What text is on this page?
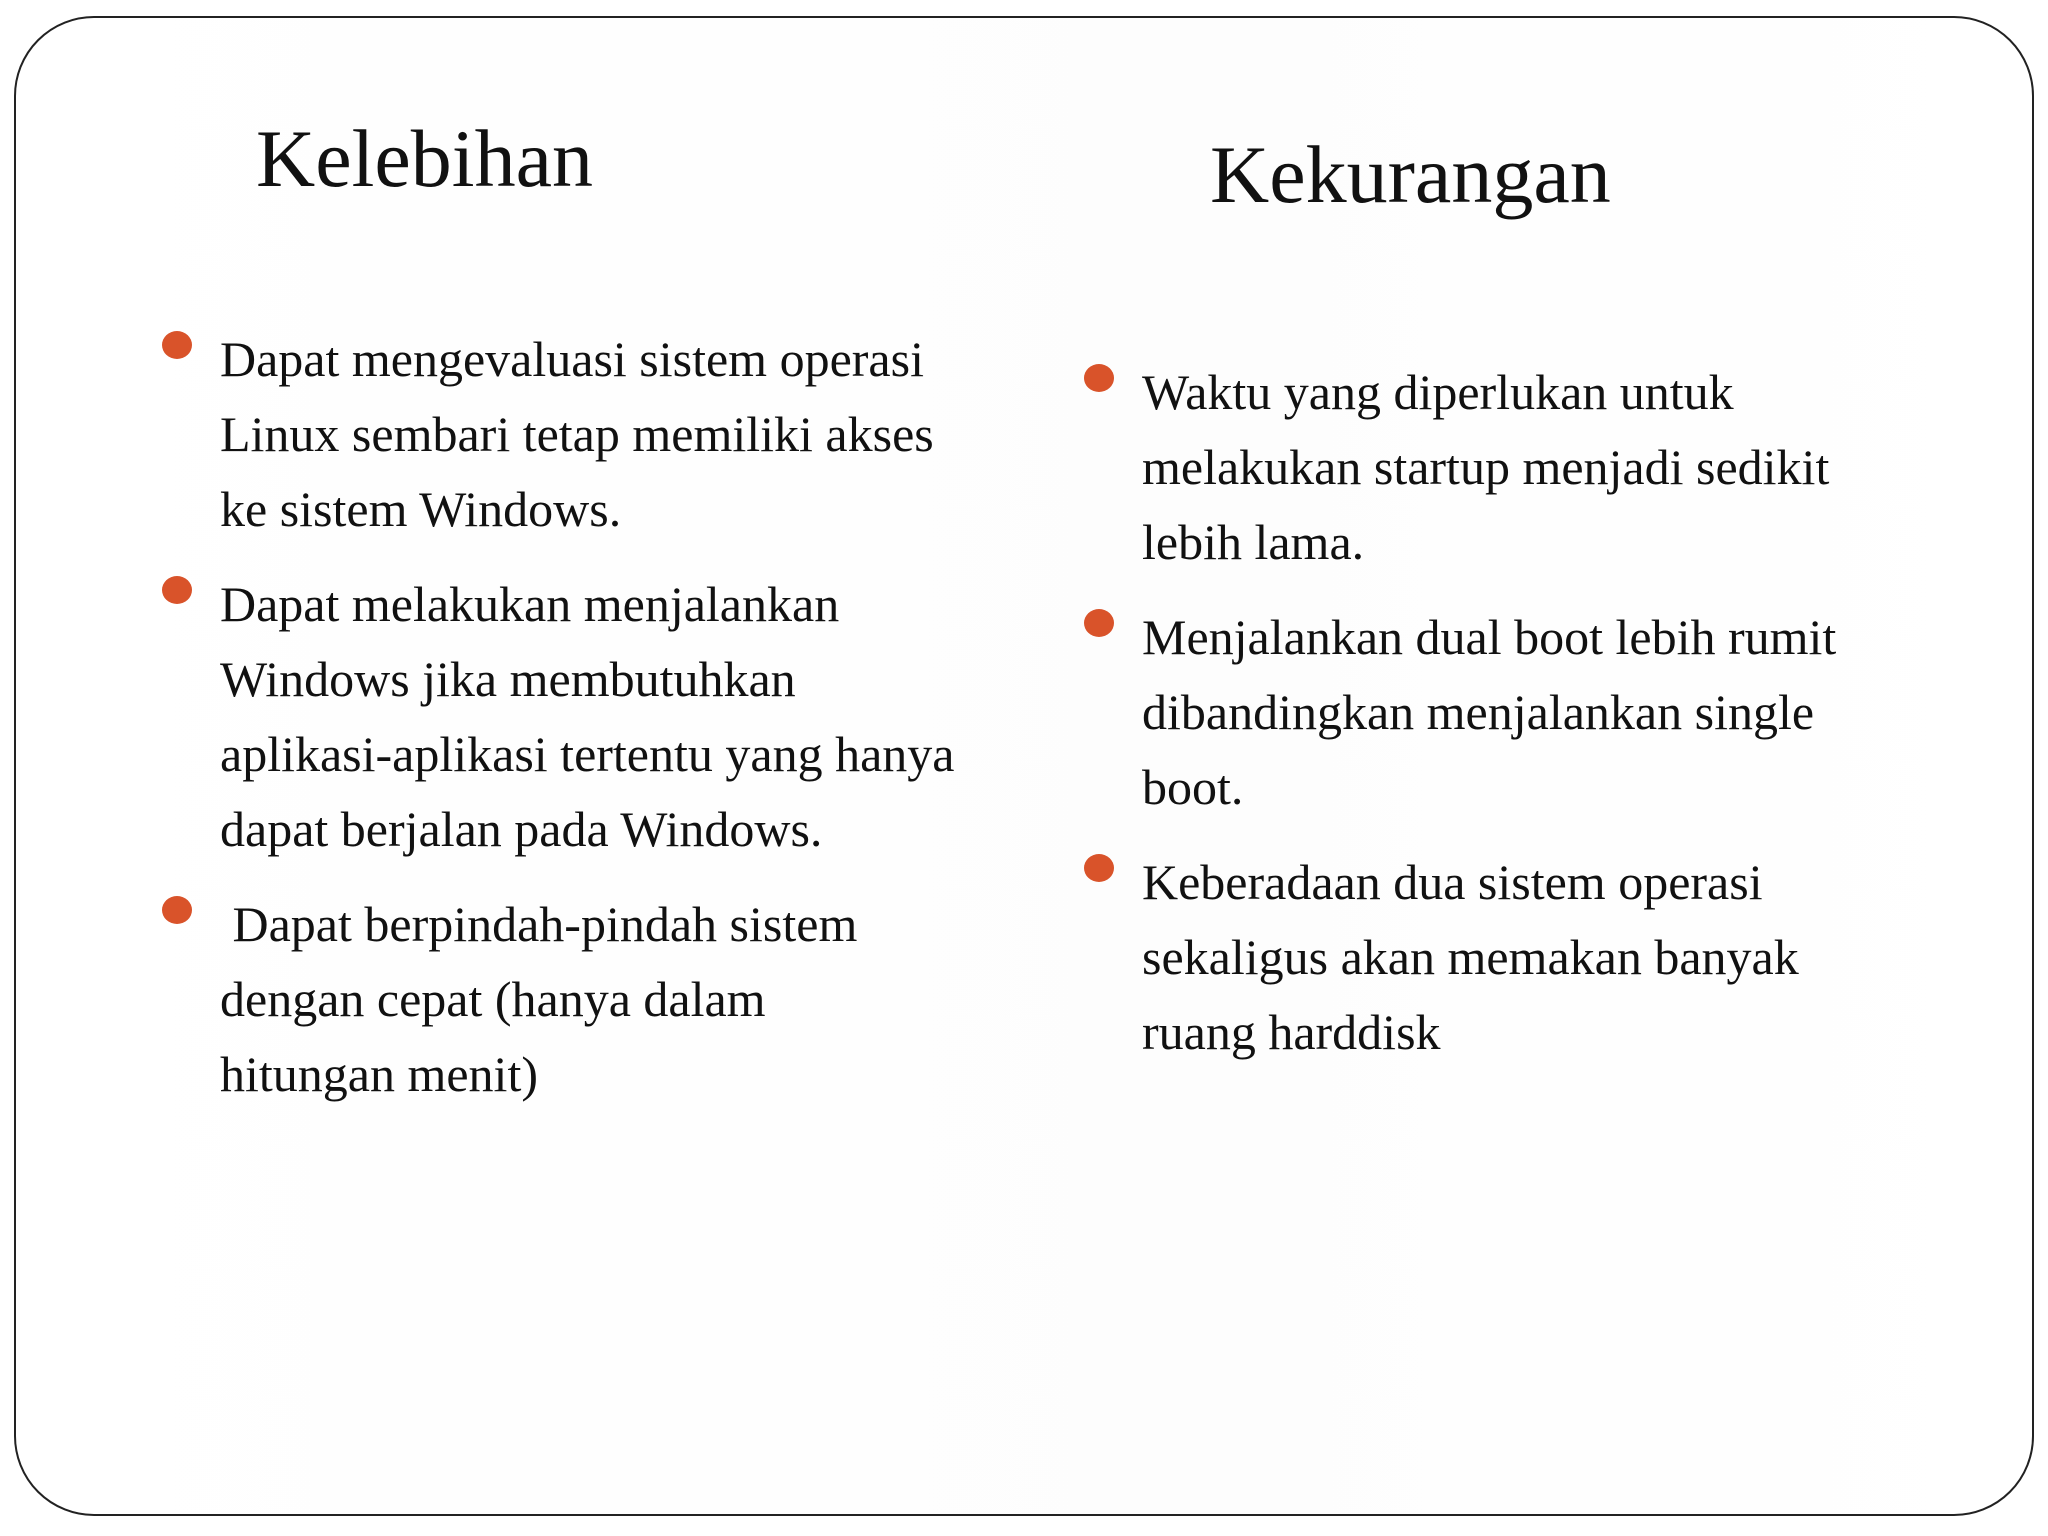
Kelebihan	Kekurangan
Dapat mengevaluasi sistem operasi
Linux sembari tetap memiliki akses
ke sistem Windows.
Dapat melakukan menjalankan
Windows jika membutuhkan
aplikasi-aplikasi tertentu yang hanya
dapat berjalan pada Windows.
Dapat berpindah-pindah sistem
dengan cepat (hanya dalam
hitungan menit)
Waktu yang diperlukan untuk
melakukan startup menjadi sedikit
lebih lama.
Menjalankan dual boot lebih rumit
dibandingkan menjalankan single
boot.
Keberadaan dua sistem operasi
sekaligus akan memakan banyak
ruang harddisk
